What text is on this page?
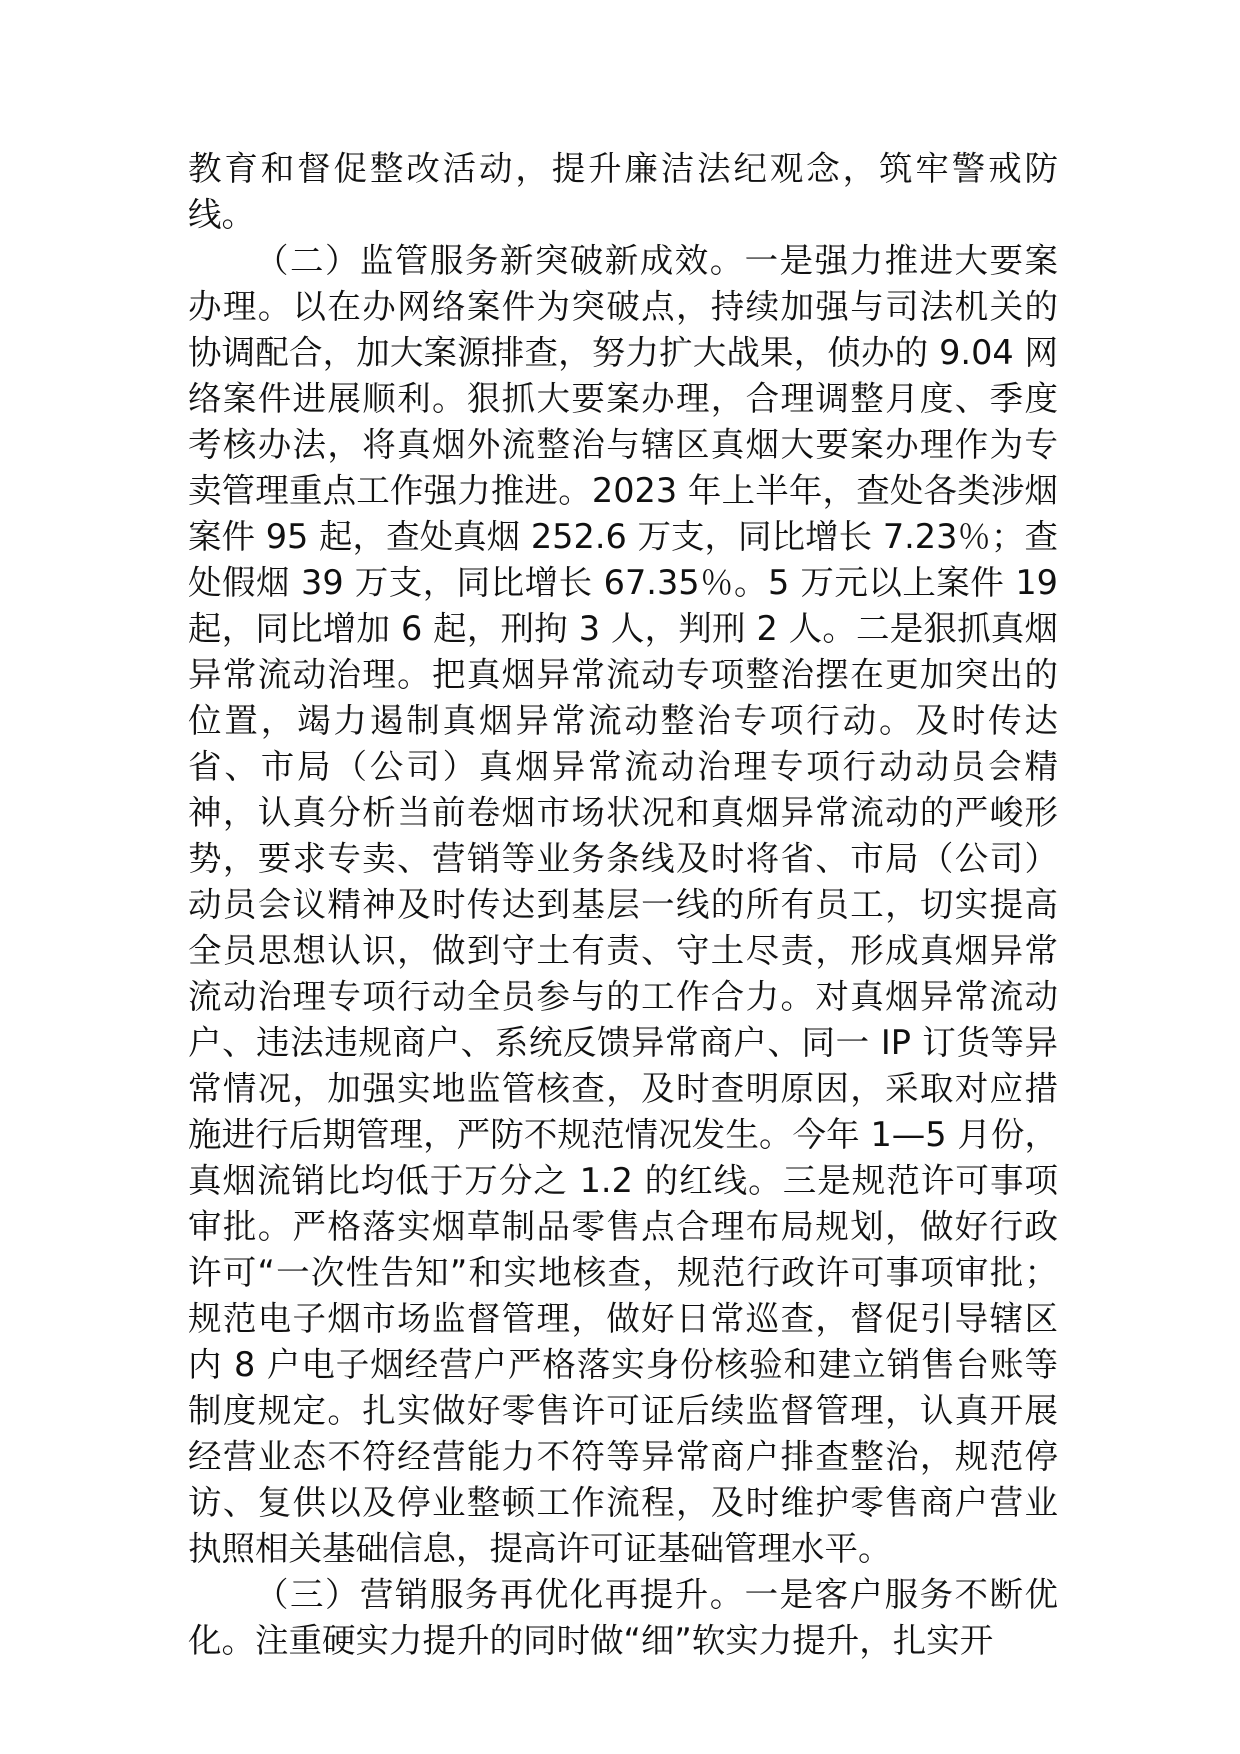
教育和督促整改活动，提升廉洁法纪观念，筑牢警戒防线。

（二）监管服务新突破新成效。一是强力推进大要案办理。以在办网络案件为突破点，持续加强与司法机关的协调配合，加大案源排查，努力扩大战果，侦办的 9.04 网络案件进展顺利。狠抓大要案办理，合理调整月度、季度考核办法，将真烟外流整治与辖区真烟大要案办理作为专卖管理重点工作强力推进。2023 年上半年，查处各类涉烟案件 95 起，查处真烟 252.6 万支，同比增长 7.23％；查处假烟 39 万支，同比增长 67.35％。5 万元以上案件 19 起，同比增加 6 起，刑拘 3 人，判刑 2 人。二是狠抓真烟异常流动治理。把真烟异常流动专项整治摆在更加突出的位置，竭力遏制真烟异常流动整治专项行动。及时传达省、市局（公司）真烟异常流动治理专项行动动员会精神，认真分析当前卷烟市场状况和真烟异常流动的严峻形势，要求专卖、营销等业务条线及时将省、市局（公司）动员会议精神及时传达到基层一线的所有员工，切实提高全员思想认识，做到守土有责、守土尽责，形成真烟异常流动治理专项行动全员参与的工作合力。对真烟异常流动户、违法违规商户、系统反馈异常商户、同一 IP 订货等异常情况，加强实地监管核查，及时查明原因，采取对应措施进行后期管理，严防不规范情况发生。今年 1—5 月份，真烟流销比均低于万分之 1.2 的红线。三是规范许可事项审批。严格落实烟草制品零售点合理布局规划，做好行政许可“一次性告知”和实地核查，规范行政许可事项审批；规范电子烟市场监督管理，做好日常巡查，督促引导辖区内 8 户电子烟经营户严格落实身份核验和建立销售台账等制度规定。扎实做好零售许可证后续监督管理，认真开展经营业态不符经营能力不符等异常商户排查整治，规范停访、复供以及停业整顿工作流程，及时维护零售商户营业执照相关基础信息，提高许可证基础管理水平。

（三）营销服务再优化再提升。一是客户服务不断优化。注重硬实力提升的同时做“细”软实力提升，扎实开
